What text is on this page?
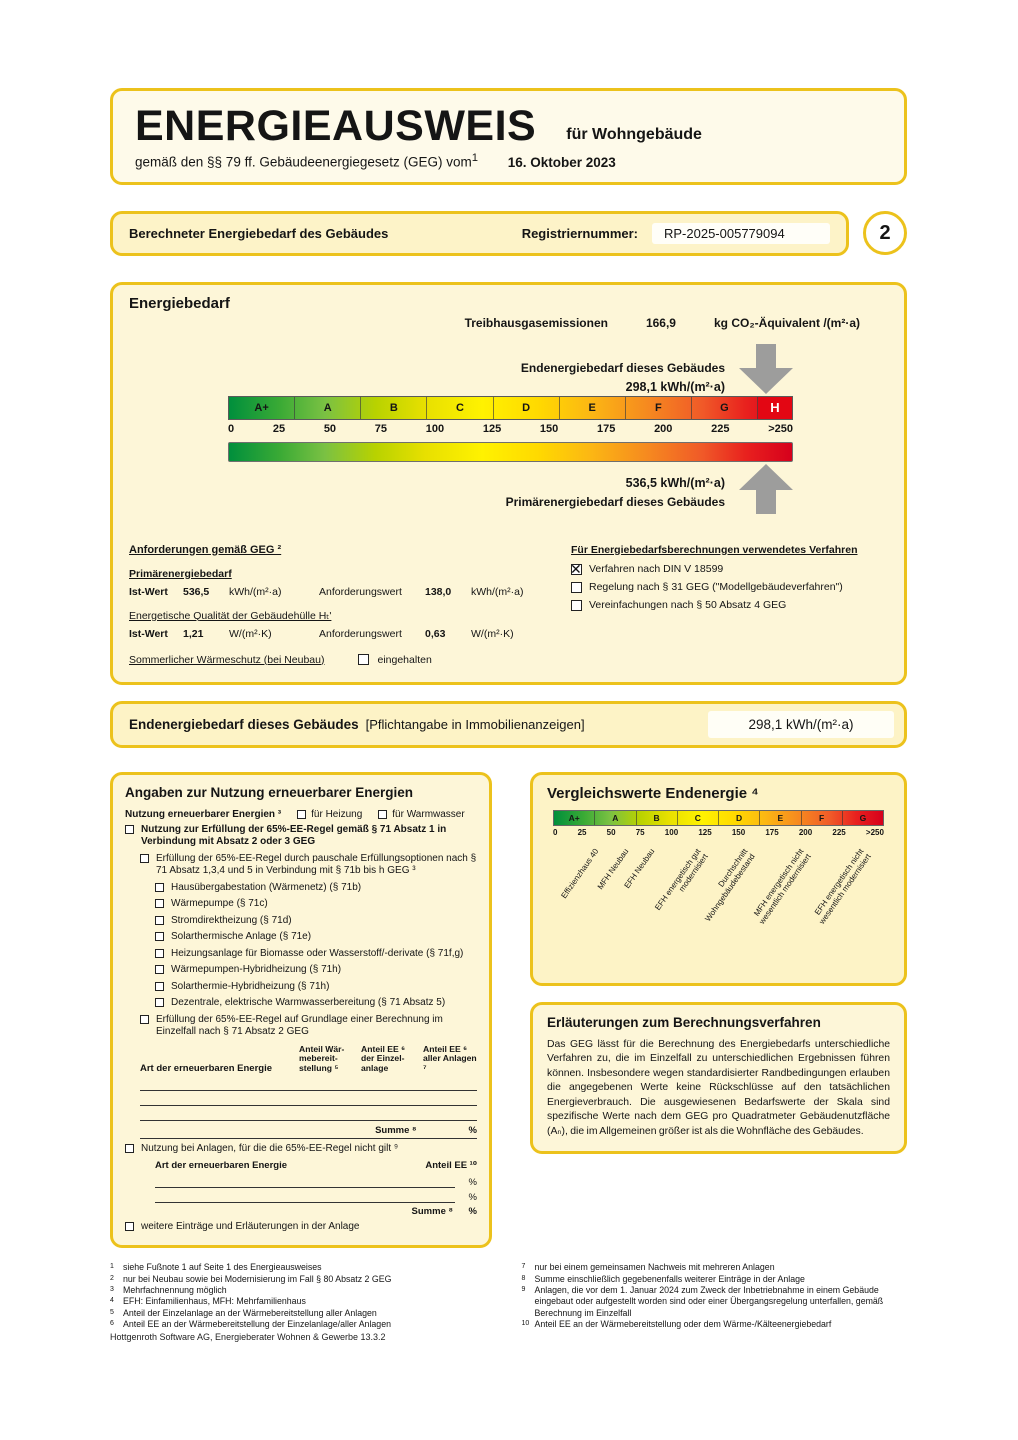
ENERGIEAUSWEIS für Wohngebäude
gemäß den §§ 79 ff. Gebäudeenergiegesetz (GEG) vom$^1$ 16. Oktober 2023
Berechneter Energiebedarf des Gebäudes	Registriernummer:	RP-2025-005779094	2
Energiebedarf
Treibhausgasemissionen	166,9	kg CO₂-Äquivalent /(m²·a)
Endenergiebedarf dieses Gebäudes
298,1 kWh/(m²·a)
A+	A	B	C	D	E	F	G	H
0	25	50	75	100	125	150	175	200	225	>250
536,5 kWh/(m²·a)
Primärenergiebedarf dieses Gebäudes
Anforderungen gemäß GEG ²
Primärenergiebedarf
Ist-Wert	536,5	kWh/(m²·a)	Anforderungswert	138,0	kWh/(m²·a)
Energetische Qualität der Gebäudehülle Hₜ'
Ist-Wert	1,21	W/(m²·K)	Anforderungswert	0,63	W/(m²·K)
Sommerlicher Wärmeschutz (bei Neubau)	eingehalten
Für Energiebedarfsberechnungen verwendetes Verfahren
✕
Verfahren nach DIN V 18599
Regelung nach § 31 GEG ("Modellgebäudeverfahren")
Vereinfachungen nach § 50 Absatz 4 GEG
Endenergiebedarf dieses Gebäudes [Pflichtangabe in Immobilienanzeigen]	298,1 kWh/(m²·a)
Angaben zur Nutzung erneuerbarer Energien
Nutzung erneuerbarer Energien ³	für Heizung	für Warmwasser
Nutzung zur Erfüllung der 65%-EE-Regel gemäß § 71 Absatz 1 in Verbindung mit Absatz 2 oder 3 GEG
Erfüllung der 65%-EE-Regel durch pauschale Erfüllungsoptionen nach § 71 Absatz 1,3,4 und 5 in Verbindung mit § 71b bis h GEG ³
Hausübergabestation (Wärmenetz) (§ 71b)
Wärmepumpe (§ 71c)
Stromdirektheizung (§ 71d)
Solarthermische Anlage (§ 71e)
Heizungsanlage für Biomasse oder Wasserstoff/-derivate (§ 71f,g)
Wärmepumpen-Hybridheizung (§ 71h)
Solarthermie-Hybridheizung (§ 71h)
Dezentrale, elektrische Warmwasserbereitung (§ 71 Absatz 5)
Erfüllung der 65%-EE-Regel auf Grundlage einer Berechnung im Einzelfall nach § 71 Absatz 2 GEG
Art der erneuerbaren Energie
Anteil Wär-mebereit-stellung ⁵
Anteil EE ⁶ der Einzel-anlage
Anteil EE ⁶ aller Anlagen ⁷
Summe ⁸	%
Nutzung bei Anlagen, für die die 65%-EE-Regel nicht gilt ⁹
Art der erneuerbaren Energie	Anteil EE ¹⁰
%
%
Summe ⁸	%
weitere Einträge und Erläuterungen in der Anlage
Vergleichswerte Endenergie ⁴
A+	A	B	C	D	E	F	G
0	25	50	75	100	125	150	175	200	225	>250
Effizienzhaus 40
MFH Neubau
EFH Neubau
EFH energetisch gut modernisiert Durchschnitt Wohngebäudebestand
MFH energetisch nicht wesentlich modernisiert EFH energetisch nicht wesentlich modernisiert
Erläuterungen zum Berechnungsverfahren
Das GEG lässt für die Berechnung des Energiebedarfs unterschiedliche Verfahren zu, die im Einzelfall zu unterschiedlichen Ergebnissen führen können. Insbesondere wegen standardisierter Randbedingungen erlauben die angegebenen Werte keine Rückschlüsse auf den tatsächlichen Energieverbrauch. Die ausgewiesenen Bedarfswerte der Skala sind spezifische Werte nach dem GEG pro Quadratmeter Gebäudenutzfläche (Aₙ), die im Allgemeinen größer ist als die Wohnfläche des Gebäudes.
1	siehe Fußnote 1 auf Seite 1 des Energieausweises
2	nur bei Neubau sowie bei Modernisierung im Fall § 80 Absatz 2 GEG
3	Mehrfachnennung möglich
4	EFH: Einfamilienhaus, MFH: Mehrfamilienhaus
5	Anteil der Einzelanlage an der Wärmebereitstellung aller Anlagen
6	Anteil EE an der Wärmebereitstellung der Einzelanlage/aller Anlagen
7	nur bei einem gemeinsamen Nachweis mit mehreren Anlagen
8	Summe einschließlich gegebenenfalls weiterer Einträge in der Anlage
9	Anlagen, die vor dem 1. Januar 2024 zum Zweck der Inbetriebnahme in einem Gebäude eingebaut oder aufgestellt worden sind oder einer Übergangsregelung unterfallen, gemäß Berechnung im Einzelfall
10 Anteil EE an der Wärmebereitstellung oder dem Wärme-/Kälteenergiebedarf
Hottgenroth Software AG, Energieberater Wohnen & Gewerbe 13.3.2
